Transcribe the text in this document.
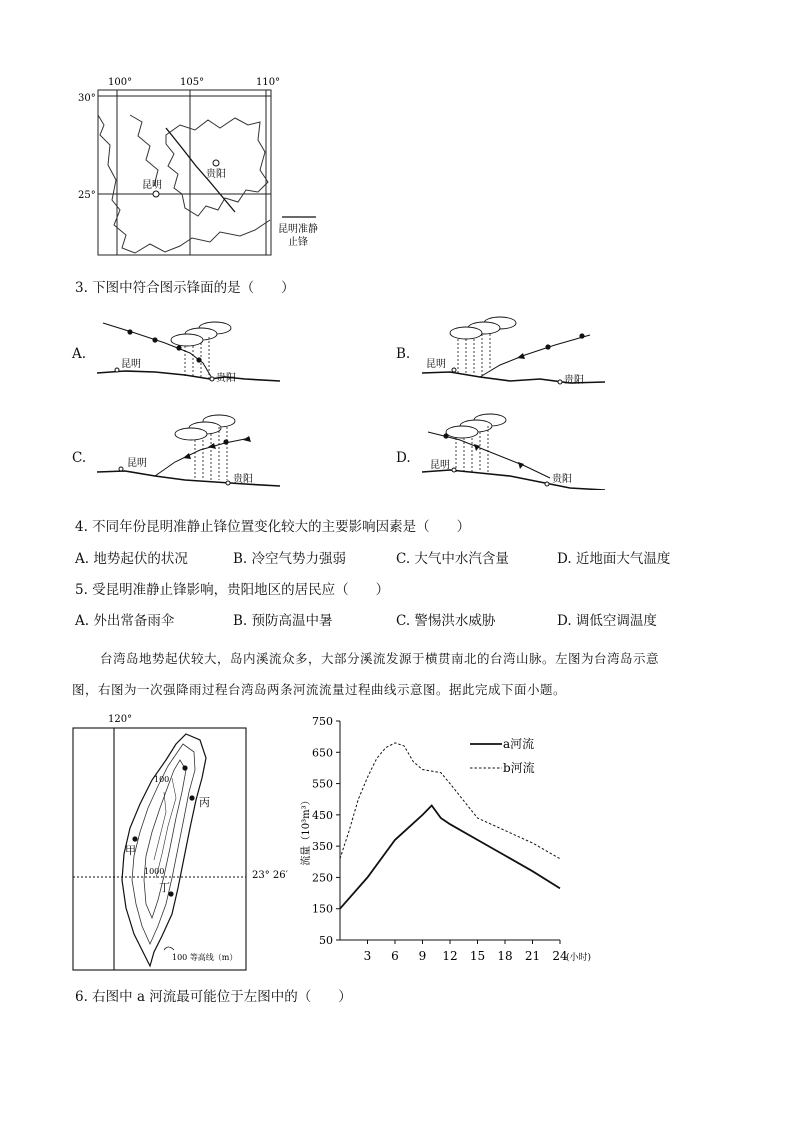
100°	105°	110°
30°
25°
贵阳
昆明
昆明准静
止锋
3. 下图中符合图示锋面的是（　　）
A.
昆明
贵阳
B.
昆明
贵阳
C.	昆明
贵阳
D. 昆明
贵阳
4. 不同年份昆明准静止锋位置变化较大的主要影响因素是（　　）
A. 地势起伏的状况	B. 冷空气势力强弱	C. 大气中水汽含量	D. 近地面大气温度
5. 受昆明准静止锋影响，贵阳地区的居民应（　　）
A. 外出常备雨伞	B. 预防高温中暑	C. 警惕洪水威胁	D. 调低空调温度
台湾岛地势起伏较大，岛内溪流众多，大部分溪流发源于横贯南北的台湾山脉。左图为台湾岛示意
图，右图为一次强降雨过程台湾岛两条河流流量过程曲线示意图。据此完成下面小题。
120°
23° 26′
100
1000
丙
甲
丁
100 等高线（m）
50
150
250
350
450
550
650
750
3 6 9 12 15 18 21 24
(小时)
流量（10³m³）
a河流
b河流
6. 右图中 a 河流最可能位于左图中的（　　）
